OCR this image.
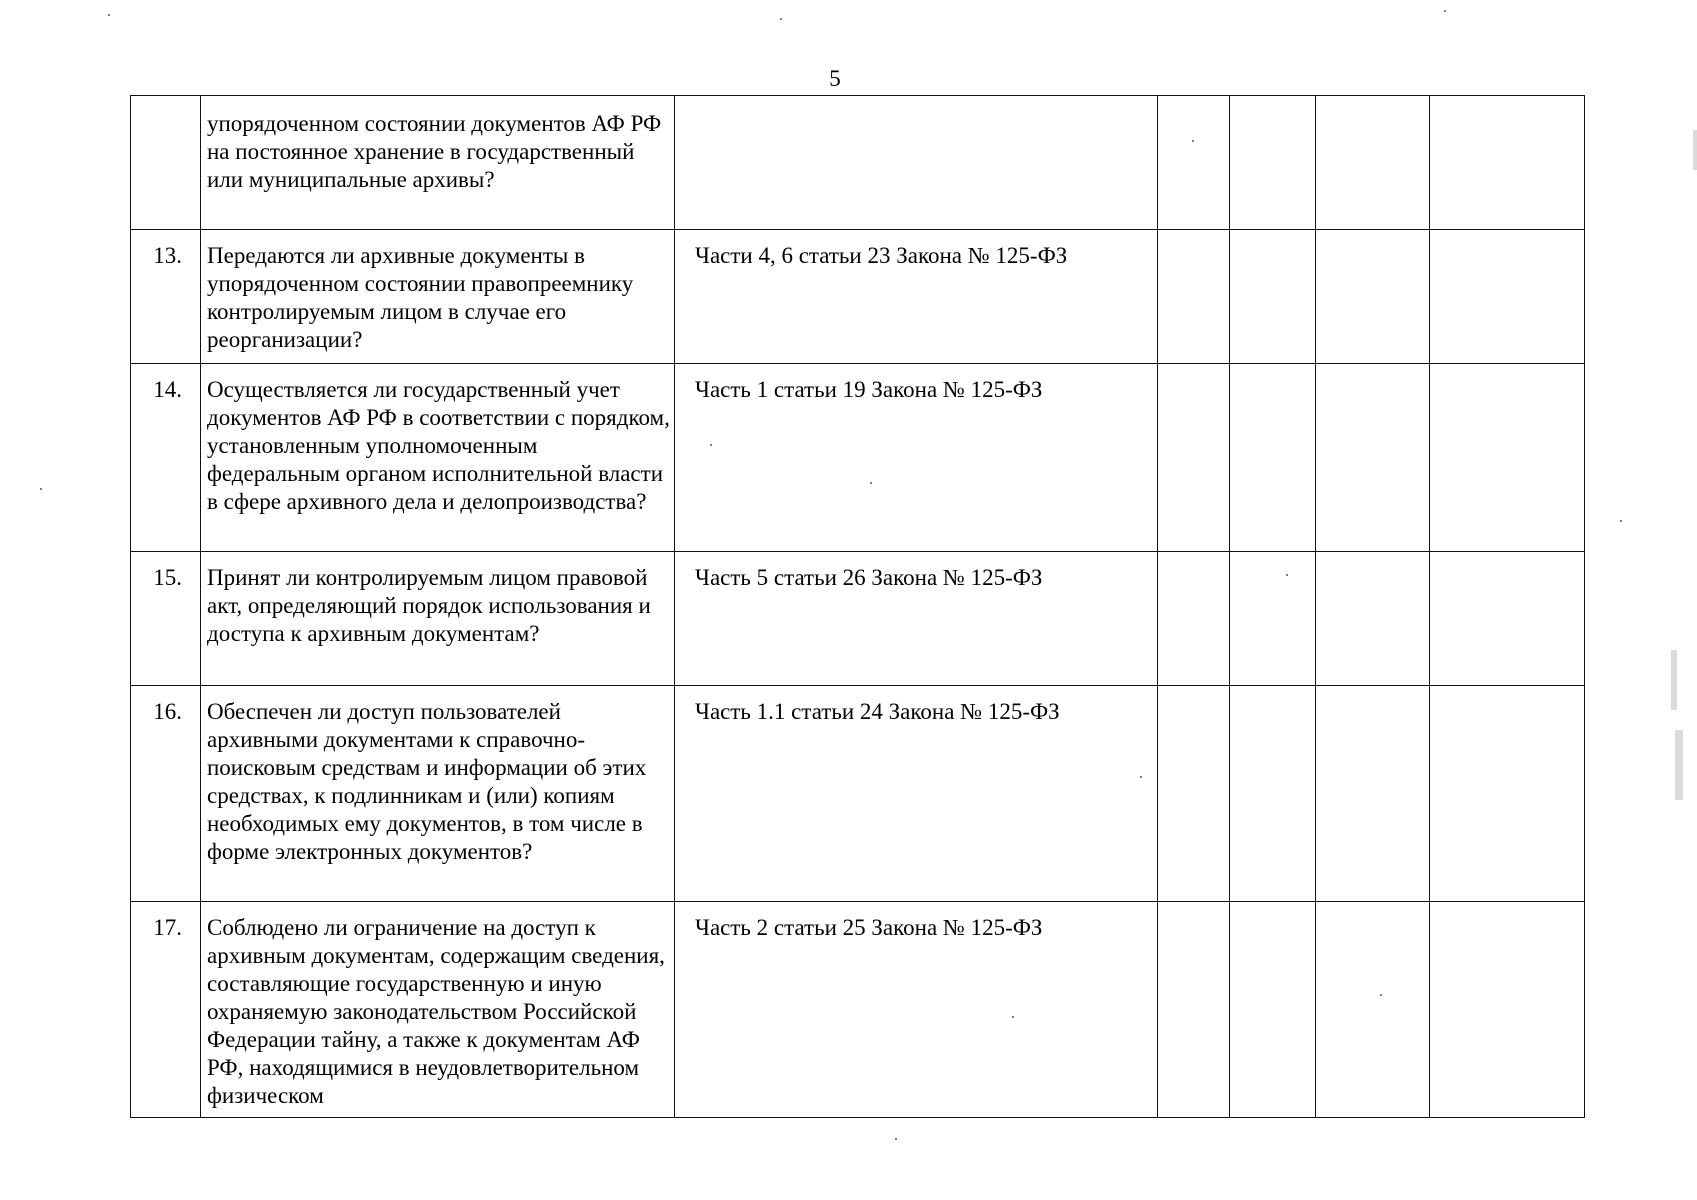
5
	упорядоченном состоянии документов АФ РФ на постоянное хранение в государственный или муниципальные архивы?					
13.	Передаются ли архивные документы в упорядоченном состоянии правопреемнику контролируемым лицом в случае его реорганизации?	Части 4, 6 статьи 23 Закона № 125-ФЗ				
14.	Осуществляется ли государственный учет документов АФ РФ в соответствии с порядком, установленным уполномоченным федеральным органом исполнительной власти в сфере архивного дела и делопроизводства?	Часть 1 статьи 19 Закона № 125-ФЗ				
15.	Принят ли контролируемым лицом правовой акт, определяющий порядок использования и доступа к архивным документам?	Часть 5 статьи 26 Закона № 125-ФЗ				
16.	Обеспечен ли доступ пользователей архивными документами к справочно-поисковым средствам и информации об этих средствах, к подлинникам и (или) копиям необходимых ему документов, в том числе в форме электронных документов?	Часть 1.1 статьи 24 Закона № 125-ФЗ				
17.	Соблюдено ли ограничение на доступ к архивным документам, содержащим сведения, составляющие государственную и иную охраняемую законодательством Российской Федерации тайну, а также к документам АФ РФ, находящимися в неудовлетворительном физическом	Часть 2 статьи 25 Закона № 125-ФЗ				
